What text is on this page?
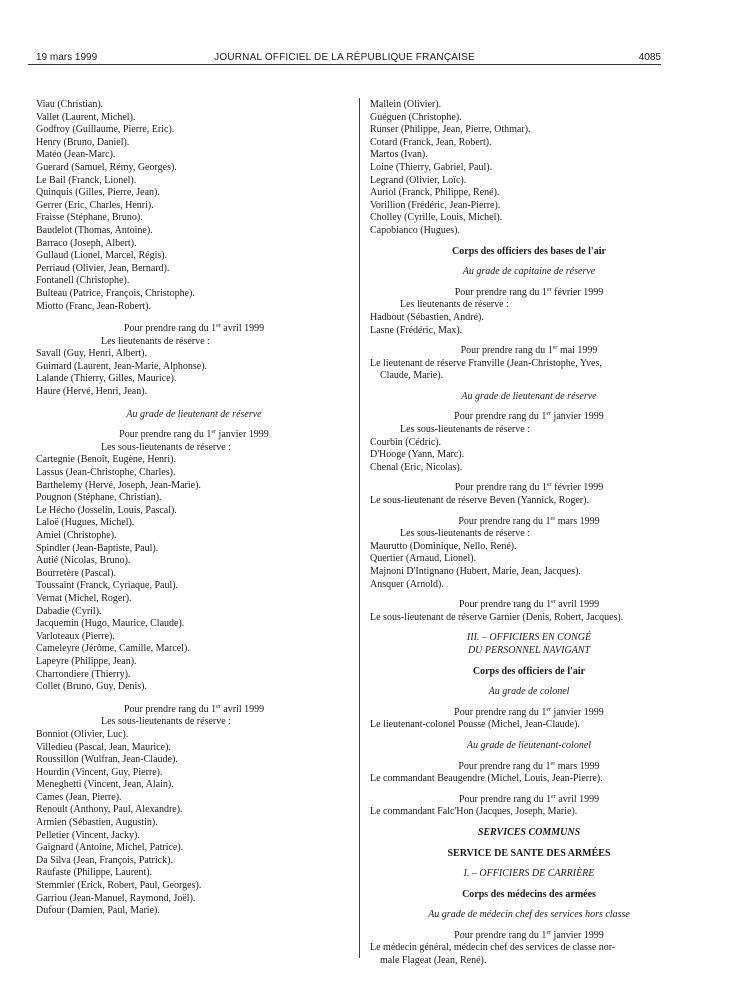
19 mars 1999	JOURNAL OFFICIEL DE LA RÉPUBLIQUE FRANÇAISE	4085
Viau (Christian).
Vallet (Laurent, Michel).
Godfroy (Guillaume, Pierre, Eric).
Henry (Bruno, Daniel).
Matéo (Jean-Marc).
Guerard (Samuel, Rémy, Georges).
Le Bail (Franck, Lionel).
Quinquis (Gilles, Pierre, Jean).
Gerrer (Eric, Charles, Henri).
Fraisse (Stéphane, Bruno).
Baudelot (Thomas, Antoine).
Barraco (Joseph, Albert).
Gullaud (Lionel, Marcel, Régis).
Perriaud (Olivier, Jean, Bernard).
Fontanell (Christophe).
Bulteau (Patrice, François, Christophe).
Miotto (Franc, Jean-Robert).
Pour prendre rang du 1er avril 1999
Les lieutenants de réserve :
Savall (Guy, Henri, Albert).
Guimard (Laurent, Jean-Marie, Alphonse).
Lalande (Thierry, Gilles, Maurice).
Haure (Hervé, Henri, Jean).
Au grade de lieutenant de réserve
Pour prendre rang du 1er janvier 1999
Les sous-lieutenants de réserve :
Cartegnie (Benoît, Eugène, Henri).
Lassus (Jean-Christophe, Charles).
Barthelemy (Hervé, Joseph, Jean-Marie).
Pougnon (Stéphane, Christian).
Le Hécho (Josselin, Louis, Pascal).
Laloë (Hugues, Michel).
Amiel (Christophe).
Spindler (Jean-Baptiste, Paul).
Autié (Nicolas, Bruno).
Bourretère (Pascal).
Toussaint (Franck, Cyriaque, Paul).
Vernat (Michel, Roger).
Dabadie (Cyril).
Jacquemin (Hugo, Maurice, Claude).
Varloteaux (Pierre).
Cameleyre (Jérôme, Camille, Marcel).
Lapeyre (Philippe, Jean).
Charrondiere (Thierry).
Collet (Bruno, Guy, Denis).
Pour prendre rang du 1er avril 1999
Les sous-lieutenants de réserve :
Bonniot (Olivier, Luc).
Villedieu (Pascal, Jean, Maurice).
Roussillon (Wulfran, Jean-Claude).
Hourdin (Vincent, Guy, Pierre).
Meneghetti (Vincent, Jean, Alain).
Cames (Jean, Pierre).
Renoult (Anthony, Paul, Alexandre).
Armien (Sébastien, Augustin).
Pelletier (Vincent, Jacky).
Gaignard (Antoine, Michel, Patrice).
Da Silva (Jean, François, Patrick).
Raufaste (Philippe, Laurent).
Stemmler (Erick, Robert, Paul, Georges).
Garriou (Jean-Manuel, Raymond, Joël).
Dufour (Damien, Paul, Marie).
Mallein (Olivier).
Guéguen (Christophe).
Runser (Philippe, Jean, Pierre, Othmar).
Cotard (Franck, Jean, Robert).
Martos (Ivan).
Loine (Thierry, Gabriel, Paul).
Legrand (Olivier, Loïc).
Auriol (Franck, Philippe, René).
Vorillion (Frédéric, Jean-Pierre).
Cholley (Cyrille, Louis, Michel).
Capobianco (Hugues).
Corps des officiers des bases de l'air
Au grade de capitaine de réserve
Pour prendre rang du 1er février 1999
Les lieutenants de réserve :
Hadbout (Sébastien, André).
Lasne (Frédéric, Max).
Pour prendre rang du 1er mai 1999
Le lieutenant de réserve Franville (Jean-Christophe, Yves,
Claude, Marie).
Au grade de lieutenant de réserve
Pour prendre rang du 1er janvier 1999
Les sous-lieutenants de réserve :
Courbin (Cédric).
D'Hooge (Yann, Marc).
Chenal (Eric, Nicolas).
Pour prendre rang du 1er février 1999
Le sous-lieutenant de réserve Beven (Yannick, Roger).
Pour prendre rang du 1er mars 1999
Les sous-lieutenants de réserve :
Maurutto (Dominique, Nello, René).
Quertier (Arnaud, Lionel).
Majnoni D'Intignano (Hubert, Marie, Jean, Jacques).
Ansquer (Arnold).
Pour prendre rang du 1er avril 1999
Le sous-lieutenant de réserve Garnier (Denis, Robert, Jacques).
III. – OFFICIERS EN CONGÉ
DU PERSONNEL NAVIGANT
Corps des officiers de l'air
Au grade de colonel
Pour prendre rang du 1er janvier 1999
Le lieutenant-colonel Pousse (Michel, Jean-Claude).
Au grade de lieutenant-colonel
Pour prendre rang du 1er mars 1999
Le commandant Beaugendre (Michel, Louis, Jean-Pierre).
Pour prendre rang du 1er avril 1999
Le commandant Falc'Hon (Jacques, Joseph, Marie).
SERVICES COMMUNS
SERVICE DE SANTE DES ARMÉES
I. – OFFICIERS DE CARRIÈRE
Corps des médecins des armées
Au grade de médecin chef des services hors classe
Pour prendre rang du 1er janvier 1999
Le médecin général, médecin chef des services de classe nor-
male Flageat (Jean, René).
